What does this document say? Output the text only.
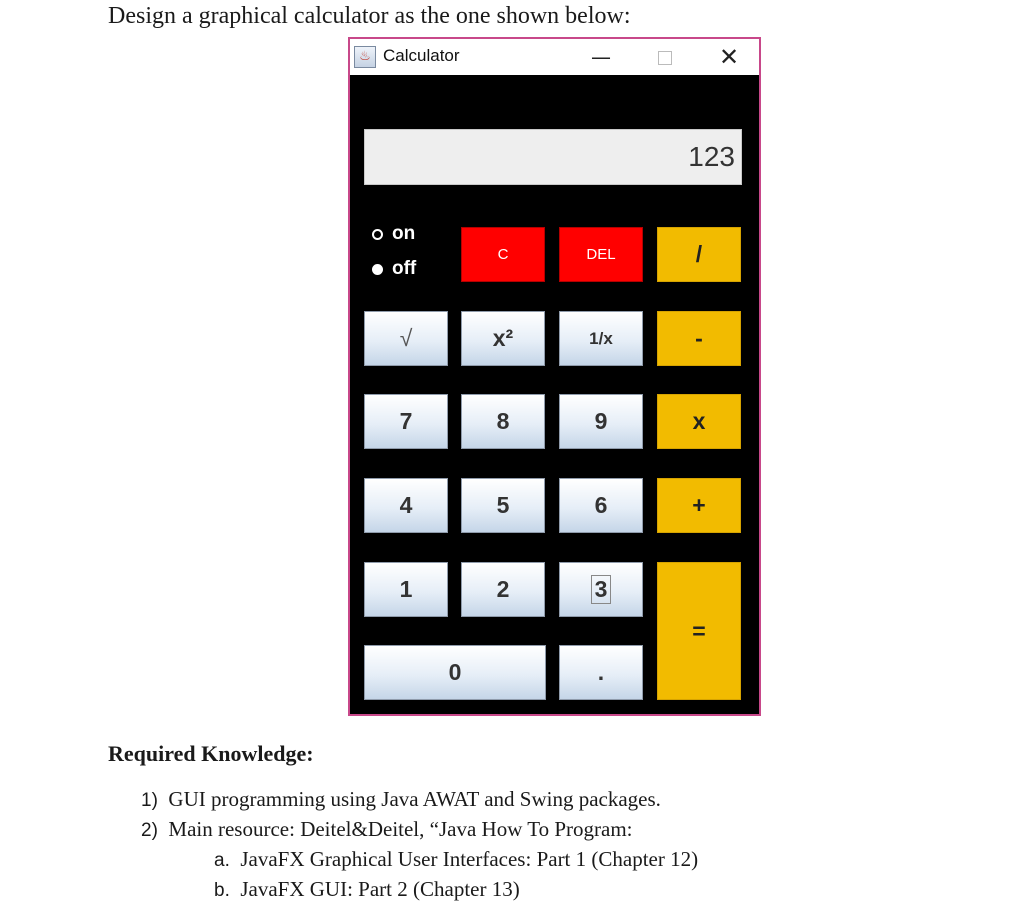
Design a graphical calculator as the one shown below:
♨ Calculator	—	✕
123
on
off
C	DEL	/
√	x²	1/x	-
7	8	9	x
4	5	6	+
1	2	3
=
0	.
Required Knowledge:
1) GUI programming using Java AWAT and Swing packages.
2) Main resource: Deitel&Deitel, “Java How To Program:
a. JavaFX Graphical User Interfaces: Part 1 (Chapter 12)
b. JavaFX GUI: Part 2 (Chapter 13)
